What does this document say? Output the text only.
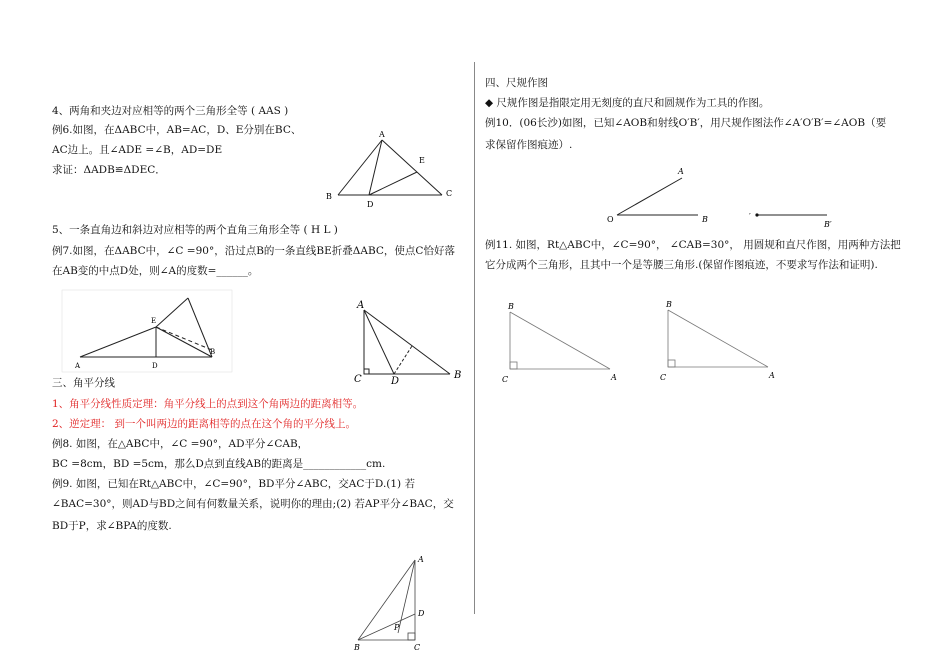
4、两角和夹边对应相等的两个三角形全等 ( AAS )
例6.如图，在ΔABC中，AB=AC，D、E分别在BC、
AC边上。且∠ADE =∠B，AD=DE
求证：ΔADB≌ΔDEC．
5、一条直角边和斜边对应相等的两个直角三角形全等 ( H L )
例7.如图，在ΔABC中，∠C =90°，沿过点B的一条直线BE折叠ΔABC，使点C恰好落
在AB变的中点D处，则∠A的度数=______。
三、角平分线
1、角平分线性质定理：角平分线上的点到这个角两边的距离相等。
2、逆定理： 到一个叫两边的距离相等的点在这个角的平分线上。
例8. 如图，在△ABC中，∠C =90°，AD平分∠CAB，
BC =8cm，BD =5cm，那么D点到直线AB的距离是____________cm.
例9. 如图，已知在Rt△ABC中，∠C=90°，BD平分∠ABC，交AC于D.(1) 若
∠BAC=30°，则AD与BD之间有何数量关系，说明你的理由;(2) 若AP平分∠BAC，交
BD于P，求∠BPA的度数.
四、尺规作图
◆ 尺规作图是指限定用无刻度的直尺和圆规作为工具的作图。
例10．(06长沙)如图，已知∠AOB和射线O′B′，用尺规作图法作∠A′O′B′=∠AOB（要
求保留作图痕迹）.
例11. 如图，Rt△ABC中，∠C=90°， ∠CAB=30°， 用圆规和直尺作图，用两种方法把
它分成两个三角形，且其中一个是等腰三角形.(保留作图痕迹，不要求写作法和证明).
A
E
B
D
C
E
A	D
B
A
C	D
B
A
D
P
B	C
O
A
B	′
B′
B
C	A
B
C	A
